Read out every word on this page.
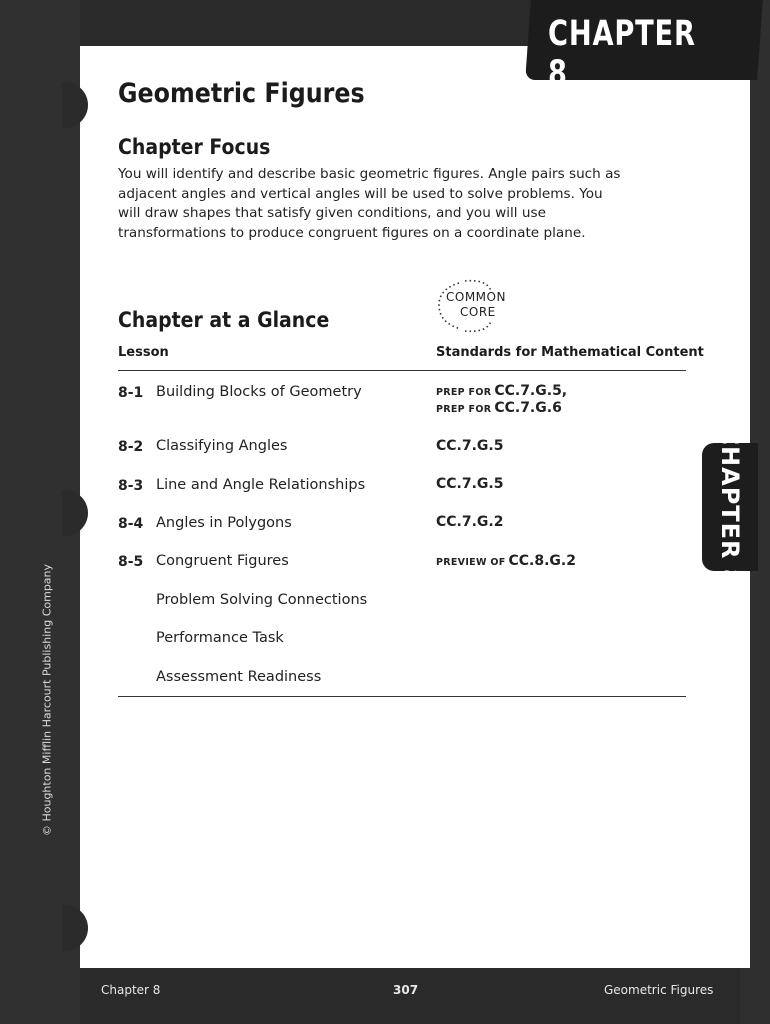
CHAPTER 8
CHAPTER 8
© Houghton Mifflin Harcourt Publishing Company
Geometric Figures
Chapter Focus
You will identify and describe basic geometric figures. Angle pairs such as adjacent angles and vertical angles will be used to solve problems. You will draw shapes that satisfy given conditions, and you will use transformations to produce congruent figures on a coordinate plane.
COMMON
CORE
Chapter at a Glance
Lesson	Standards for Mathematical Content
8-1 Building Blocks of Geometry	PREP FOR CC.7.G.5,
PREP FOR CC.7.G.6
8-2 Classifying Angles	CC.7.G.5
8-3 Line and Angle Relationships	CC.7.G.5
8-4 Angles in Polygons	CC.7.G.2
8-5 Congruent Figures	PREVIEW OF CC.8.G.2
Problem Solving Connections
Performance Task
Assessment Readiness
Chapter 8	307	Geometric Figures
